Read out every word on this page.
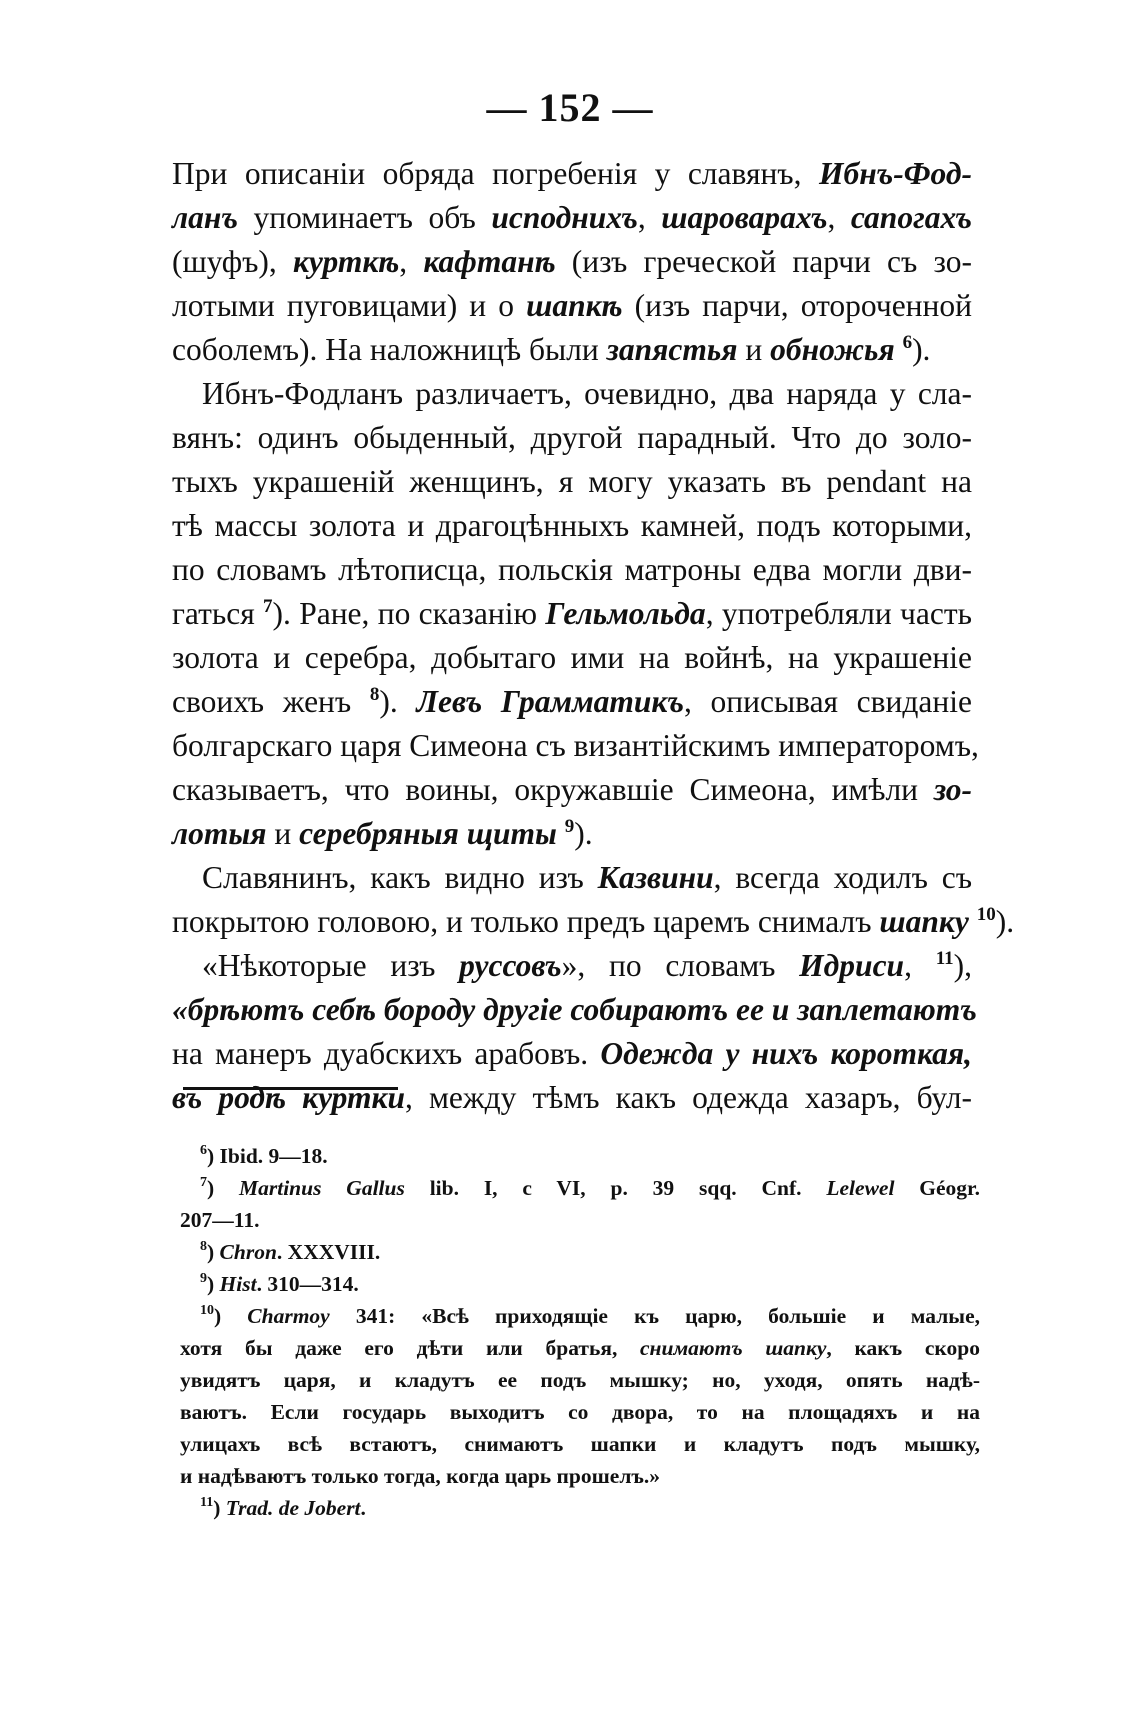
— 152 —
При описаніи обряда погребенія у славянъ, Ибнъ-Фод-
ланъ упоминаетъ объ исподнихъ, шароварахъ, сапогахъ
(шуфъ), курткѣ, кафтанѣ (изъ греческой парчи съ зо-
лотыми пуговицами) и о шапкѣ (изъ парчи, отороченной
соболемъ). На наложницѣ были запястья и обножья $^6$).
Ибнъ-Фодланъ различаетъ, очевидно, два наряда у сла-
вянъ: одинъ обыденный, другой парадный. Что до золо-
тыхъ украшеній женщинъ, я могу указать въ pendant на
тѣ массы золота и драгоцѣнныхъ камней, подъ которыми,
по словамъ лѣтописца, польскія матроны едва могли дви-
гаться $^7$). Ране, по сказанію Гельмольда, употребляли часть
золота и серебра, добытаго ими на войнѣ, на украшеніе
своихъ женъ $^8$). Левъ Грамматикъ, описывая свиданіе
болгарскаго царя Симеона съ византійскимъ императоромъ,
сказываетъ, что воины, окружавшіе Симеона, имѣли зо-
лотыя и серебряныя щиты $^9$).
Славянинъ, какъ видно изъ Казвини, всегда ходилъ съ
покрытою головою, и только предъ царемъ снималъ шапку $^{10}$).
«Нѣкоторые изъ руссовъ», по словамъ Идриси, $^{11}$),
«брѣютъ себѣ бороду другіе собираютъ ее и заплетаютъ
на манеръ дуабскихъ арабовъ. Одежда у нихъ короткая,
въ родѣ куртки, между тѣмъ какъ одежда хазаръ, бул-
$^6$) Ibid. 9—18.
$^7$) Martinus Gallus lib. I, c VI, p. 39 sqq. Cnf. Lelewel Géogr.
207—11.
$^8$) Chron. XXXVIII.
$^9$) Hist. 310—314.
$^{10}$) Charmoy 341: «Всѣ приходящіе къ царю, большіе и малые,
хотя бы даже его дѣти или братья, снимаютъ шапку, какъ скоро
увидятъ царя, и кладутъ ее подъ мышку; но, уходя, опять надѣ-
ваютъ. Если государь выходитъ со двора, то на площадяхъ и на
улицахъ всѣ встаютъ, снимаютъ шапки и кладутъ подъ мышку,
и надѣваютъ только тогда, когда царь прошелъ.»
$^{11}$) Trad. de Jobert.
